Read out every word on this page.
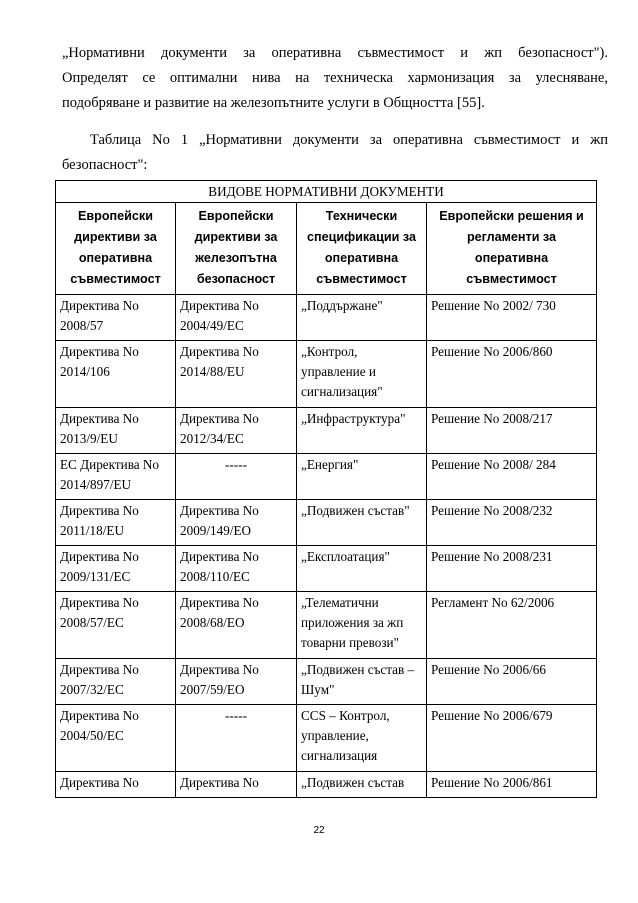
„Нормативни документи за оперативна съвместимост и жп безопасност").
Определят се оптимални нива на техническа хармонизация за улесняване,
подобряване и развитие на железопътните услуги в Общността [55].
Таблица No 1 „Нормативни документи за оперативна съвместимост и жп
безопасност":
ВИДОВЕ НОРМАТИВНИ ДОКУМЕНТИ			
Европейски директиви за оперативна съвместимост	Европейски директиви за железопътна безопасност	Технически спецификации за оперативна съвместимост	Европейски решения и регламенти за оперативна съвместимост
Директива No 2008/57	Директива No 2004/49/EC	„Поддържане"	Решение No 2002/ 730
Директива No 2014/106	Директива No 2014/88/EU	„Контрол, управление и сигнализация"	Решение No 2006/860
Директива No 2013/9/EU	Директива No 2012/34/EC	„Инфраструктура"	Решение No 2008/217
EC Директива No 2014/897/EU	-----	„Енергия"	Решение No 2008/ 284
Директива No 2011/18/EU	Директива No 2009/149/EO	„Подвижен състав"	Решение No 2008/232
Директива No 2009/131/EC	Директива No 2008/110/EC	„Експлоатация"	Решение No 2008/231
Директива No 2008/57/EC	Директива No 2008/68/EO	„Телематични приложения за жп товарни превози"	Регламент No 62/2006
Директива No 2007/32/EC	Директива No 2007/59/EO	„Подвижен състав – Шум"	Решение No 2006/66
Директива No 2004/50/EC	-----	CCS – Контрол, управление, сигнализация	Решение No 2006/679
Директива No	Директива No	„Подвижен състав	Решение No 2006/861
22
